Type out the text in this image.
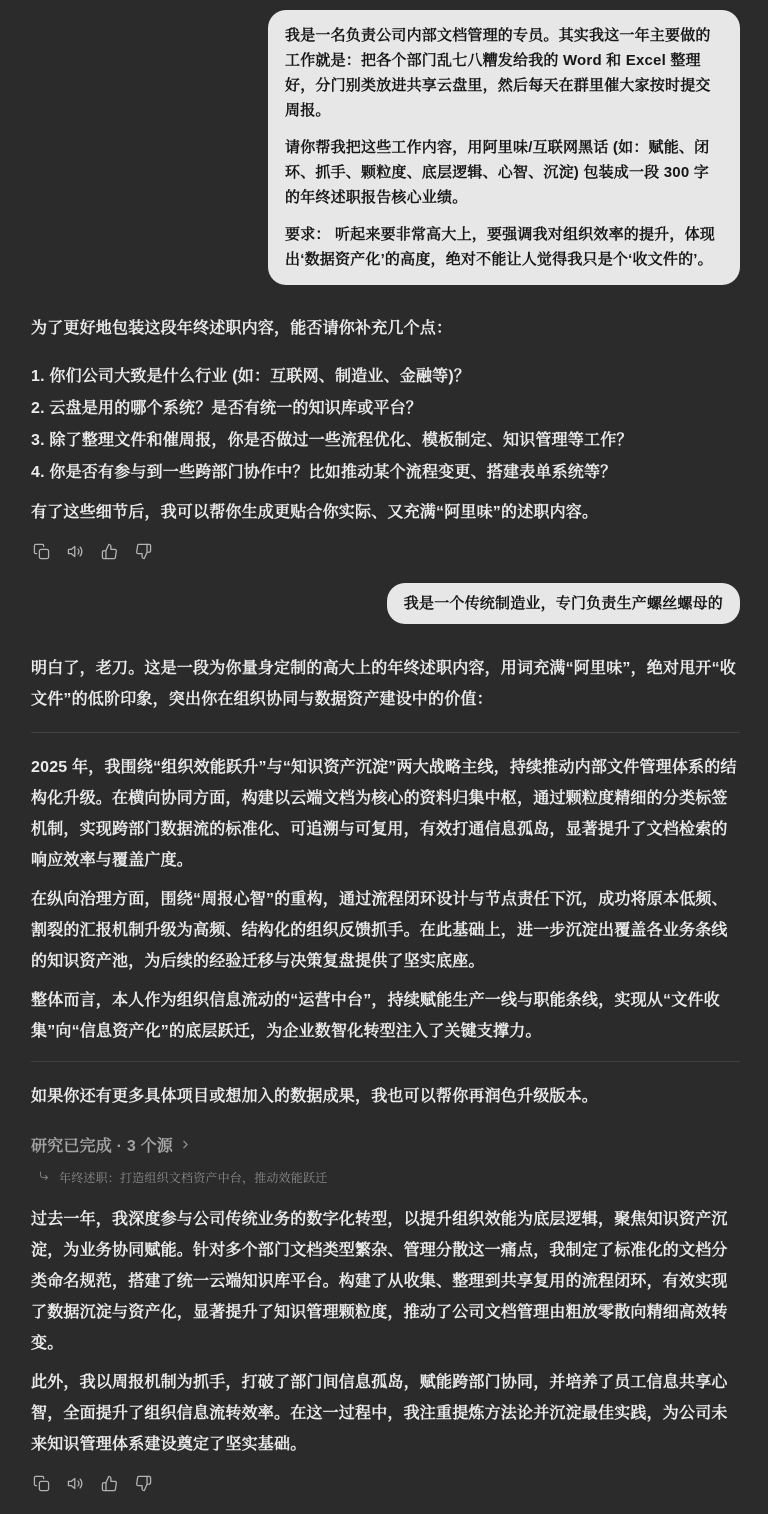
我是一名负责公司内部文档管理的专员。其实我这一年主要做的工作就是：把各个部门乱七八糟发给我的 Word 和 Excel 整理好，分门别类放进共享云盘里，然后每天在群里催大家按时提交周报。

请你帮我把这些工作内容，用阿里味/互联网黑话 (如：赋能、闭环、抓手、颗粒度、底层逻辑、心智、沉淀) 包装成一段 300 字的年终述职报告核心业绩。

要求： 听起来要非常高大上，要强调我对组织效率的提升，体现出‘数据资产化’的高度，绝对不能让人觉得我只是个‘收文件的’。

为了更好地包装这段年终述职内容，能否请你补充几个点：

1. 你们公司大致是什么行业 (如：互联网、制造业、金融等)？

2. 云盘是用的哪个系统？是否有统一的知识库或平台？

3. 除了整理文件和催周报，你是否做过一些流程优化、模板制定、知识管理等工作？

4. 你是否有参与到一些跨部门协作中？比如推动某个流程变更、搭建表单系统等？

有了这些细节后，我可以帮你生成更贴合你实际、又充满“阿里味”的述职内容。

我是一个传统制造业，专门负责生产螺丝螺母的

明白了，老刀。这是一段为你量身定制的高大上的年终述职内容，用词充满“阿里味”，绝对甩开“收文件”的低阶印象，突出你在组织协同与数据资产建设中的价值：

2025 年，我围绕“组织效能跃升”与“知识资产沉淀”两大战略主线，持续推动内部文件管理体系的结构化升级。在横向协同方面，构建以云端文档为核心的资料归集中枢，通过颗粒度精细的分类标签机制，实现跨部门数据流的标准化、可追溯与可复用，有效打通信息孤岛，显著提升了文档检索的响应效率与覆盖广度。

在纵向治理方面，围绕“周报心智”的重构，通过流程闭环设计与节点责任下沉，成功将原本低频、割裂的汇报机制升级为高频、结构化的组织反馈抓手。在此基础上，进一步沉淀出覆盖各业务条线的知识资产池，为后续的经验迁移与决策复盘提供了坚实底座。

整体而言，本人作为组织信息流动的“运营中台”，持续赋能生产一线与职能条线，实现从“文件收集”向“信息资产化”的底层跃迁，为企业数智化转型注入了关键支撑力。

如果你还有更多具体项目或想加入的数据成果，我也可以帮你再润色升级版本。

研究已完成 · 3 个源
年终述职：打造组织文档资产中台，推动效能跃迁

过去一年，我深度参与公司传统业务的数字化转型，以提升组织效能为底层逻辑，聚焦知识资产沉淀，为业务协同赋能。针对多个部门文档类型繁杂、管理分散这一痛点，我制定了标准化的文档分类命名规范，搭建了统一云端知识库平台。构建了从收集、整理到共享复用的流程闭环，有效实现了数据沉淀与资产化，显著提升了知识管理颗粒度，推动了公司文档管理由粗放零散向精细高效转变。

此外，我以周报机制为抓手，打破了部门间信息孤岛，赋能跨部门协同，并培养了员工信息共享心智，全面提升了组织信息流转效率。在这一过程中，我注重提炼方法论并沉淀最佳实践，为公司未来知识管理体系建设奠定了坚实基础。
